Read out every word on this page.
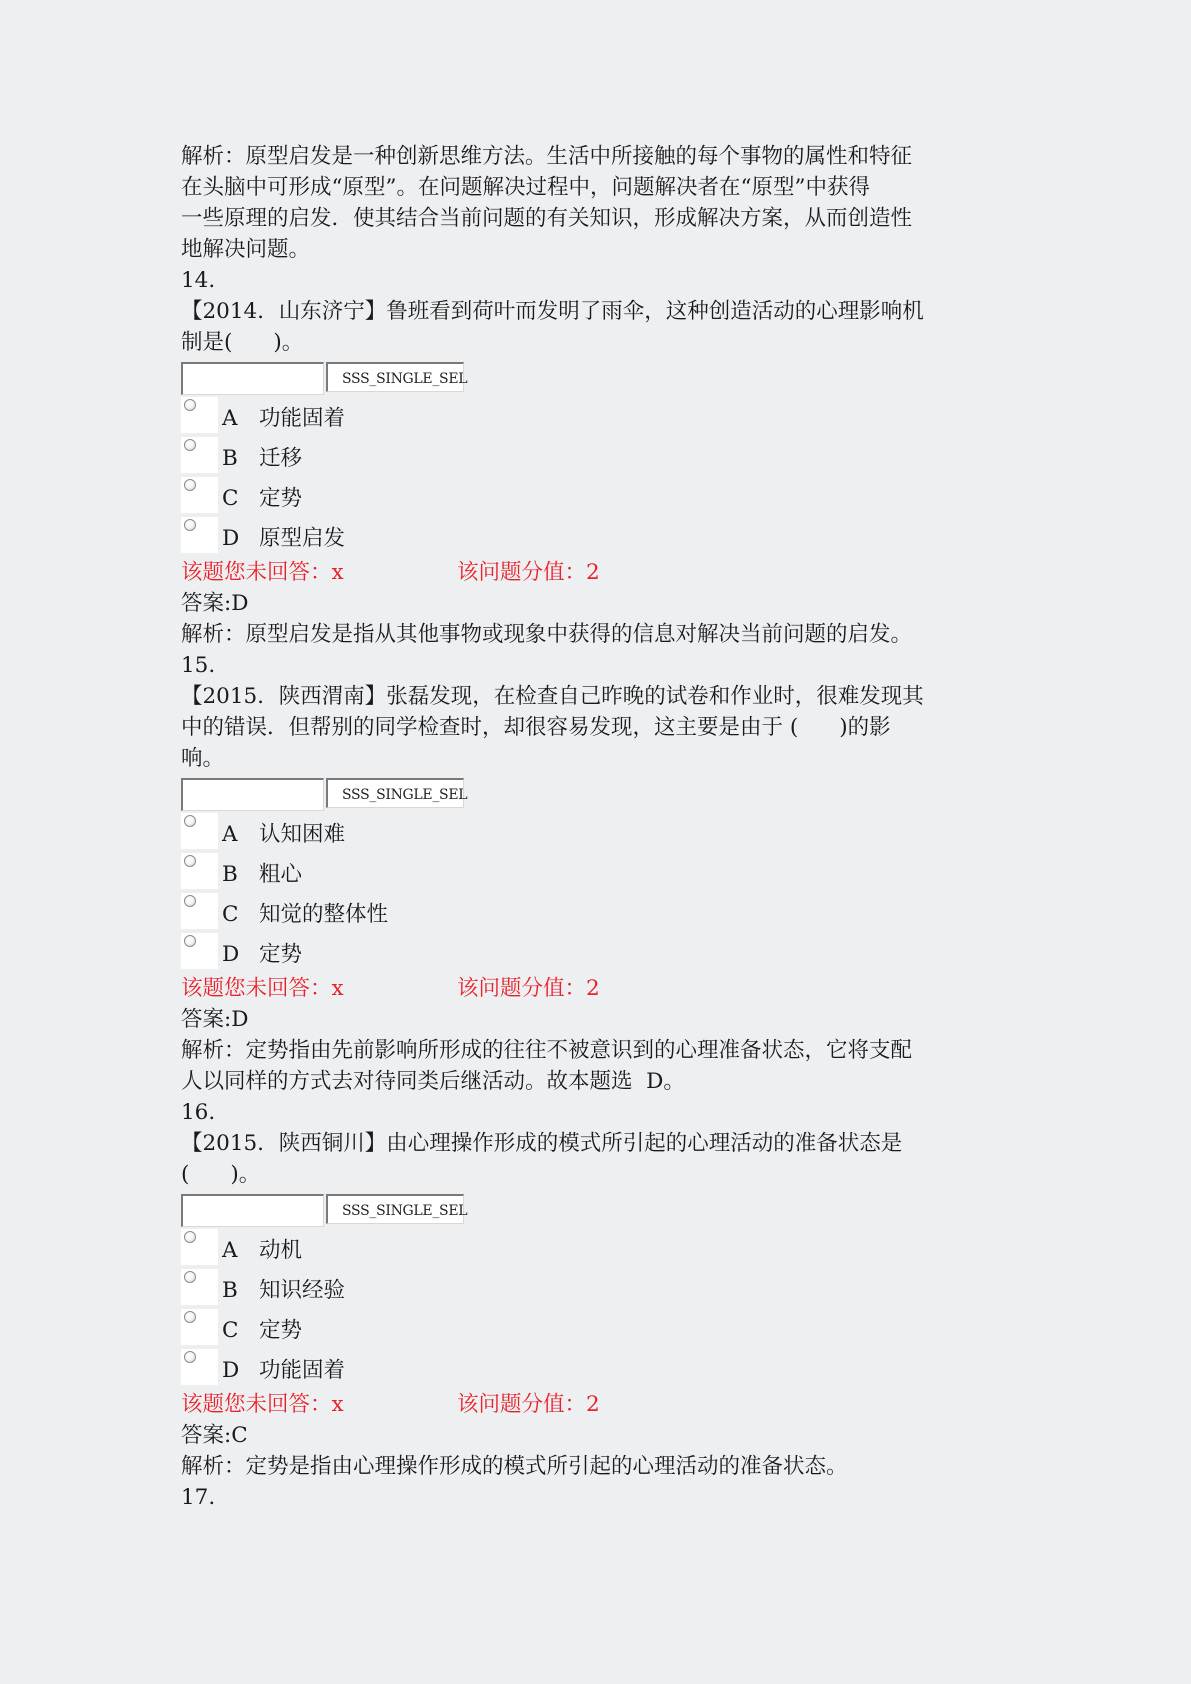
解析：原型启发是一种创新思维方法。生活中所接触的每个事物的属性和特征
在头脑中可形成“原型”。在问题解决过程中，问题解决者在“原型”中获得
一些原理的启发．使其结合当前问题的有关知识，形成解决方案，从而创造性
地解决问题。
14.
【2014．山东济宁】鲁班看到荷叶而发明了雨伞，这种创造活动的心理影响机
制是(      )。
SSS_SINGLE_SEL
A 功能固着
B 迁移
C 定势
D 原型启发
该题您未回答：x	该问题分值：2
答案:D
解析：原型启发是指从其他事物或现象中获得的信息对解决当前问题的启发。
15.
【2015．陕西渭南】张磊发现，在检查自己昨晚的试卷和作业时，很难发现其
中的错误．但帮别的同学检查时，却很容易发现，这主要是由于 (      )的影
响。
SSS_SINGLE_SEL
A 认知困难
B 粗心
C 知觉的整体性
D 定势
该题您未回答：x	该问题分值：2
答案:D
解析：定势指由先前影响所形成的往往不被意识到的心理准备状态，它将支配
人以同样的方式去对待同类后继活动。故本题选  D。
16.
【2015．陕西铜川】由心理操作形成的模式所引起的心理活动的准备状态是
(      )。
SSS_SINGLE_SEL
A 动机
B 知识经验
C 定势
D 功能固着
该题您未回答：x	该问题分值：2
答案:C
解析：定势是指由心理操作形成的模式所引起的心理活动的准备状态。
17.
